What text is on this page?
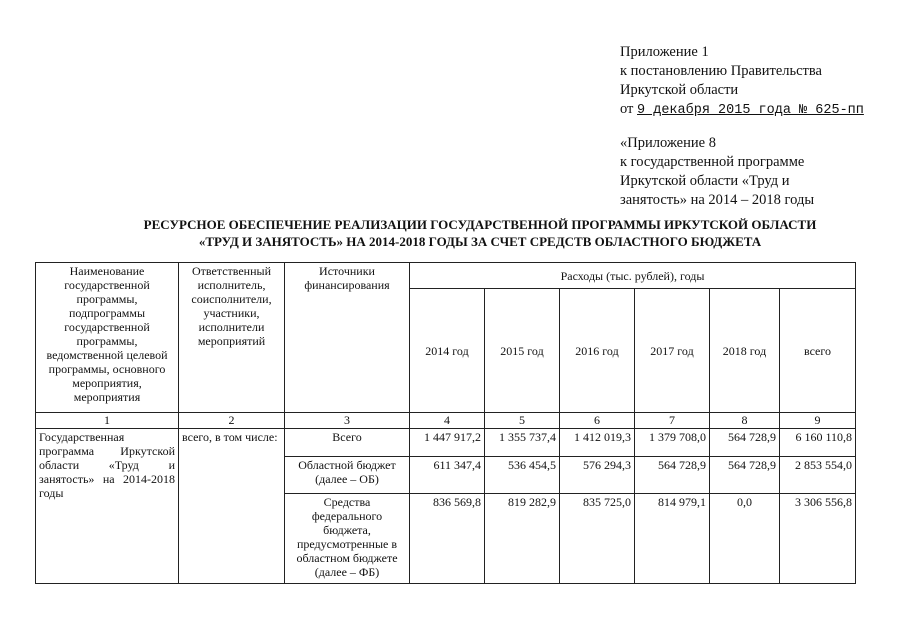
Приложение 1
к постановлению Правительства
Иркутской области
от 9 декабря 2015 года № 625-пп
«Приложение 8
к государственной программе
Иркутской области «Труд и
занятость» на 2014 – 2018 годы
РЕСУРСНОЕ ОБЕСПЕЧЕНИЕ РЕАЛИЗАЦИИ ГОСУДАРСТВЕННОЙ ПРОГРАММЫ ИРКУТСКОЙ ОБЛАСТИ
«ТРУД И ЗАНЯТОСТЬ» НА 2014-2018 ГОДЫ ЗА СЧЕТ СРЕДСТВ ОБЛАСТНОГО БЮДЖЕТА
Наименование государственной программы, подпрограммы государственной программы, ведомственной целевой программы, основного мероприятия, мероприятия	Ответственный исполнитель, соисполнители, участники, исполнители мероприятий	Источники финансирования	Расходы (тыс. рублей), годы					
			2014 год	2015 год	2016 год	2017 год	2018 год	всего
1	2	3	4	5	6	7	8	9
Государственная программа Иркутской области «Труд и занятость» на 2014-2018 годы	всего, в том числе:	Всего	1 447 917,2	1 355 737,4	1 412 019,3	1 379 708,0	564 728,9	6 160 110,8
		Областной бюджет (далее – ОБ)	611 347,4	536 454,5	576 294,3	564 728,9	564 728,9	2 853 554,0
		Средства федерального бюджета, предусмотренные в областном бюджете (далее – ФБ)	836 569,8	819 282,9	835 725,0	814 979,1	0,0	3 306 556,8
